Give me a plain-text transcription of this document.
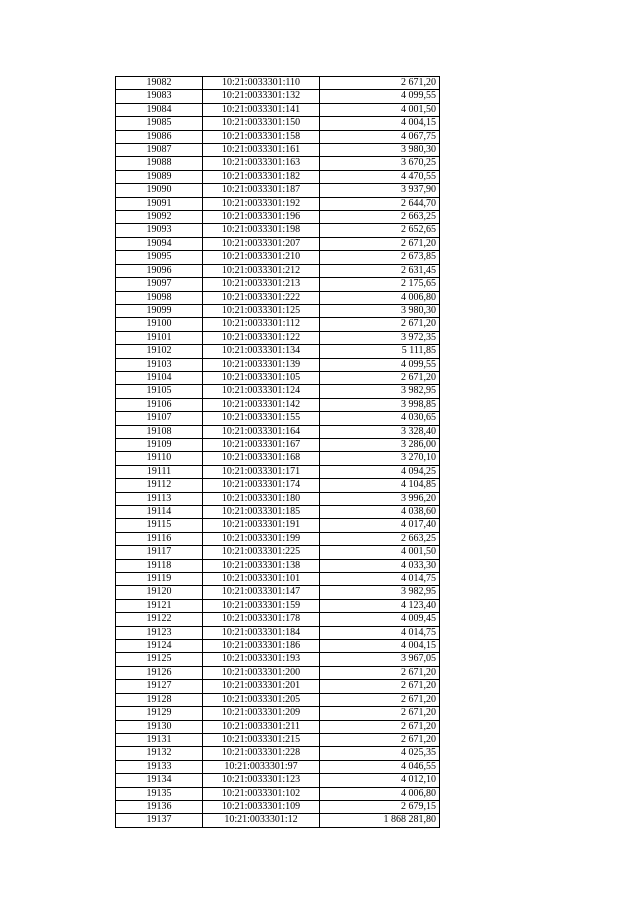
19082	10:21:0033301:110	2 671,20
19083	10:21:0033301:132	4 099,55
19084	10:21:0033301:141	4 001,50
19085	10:21:0033301:150	4 004,15
19086	10:21:0033301:158	4 067,75
19087	10:21:0033301:161	3 980,30
19088	10:21:0033301:163	3 670,25
19089	10:21:0033301:182	4 470,55
19090	10:21:0033301:187	3 937,90
19091	10:21:0033301:192	2 644,70
19092	10:21:0033301:196	2 663,25
19093	10:21:0033301:198	2 652,65
19094	10:21:0033301:207	2 671,20
19095	10:21:0033301:210	2 673,85
19096	10:21:0033301:212	2 631,45
19097	10:21:0033301:213	2 175,65
19098	10:21:0033301:222	4 006,80
19099	10:21:0033301:125	3 980,30
19100	10:21:0033301:112	2 671,20
19101	10:21:0033301:122	3 972,35
19102	10:21:0033301:134	5 111,85
19103	10:21:0033301:139	4 099,55
19104	10:21:0033301:105	2 671,20
19105	10:21:0033301:124	3 982,95
19106	10:21:0033301:142	3 998,85
19107	10:21:0033301:155	4 030,65
19108	10:21:0033301:164	3 328,40
19109	10:21:0033301:167	3 286,00
19110	10:21:0033301:168	3 270,10
19111	10:21:0033301:171	4 094,25
19112	10:21:0033301:174	4 104,85
19113	10:21:0033301:180	3 996,20
19114	10:21:0033301:185	4 038,60
19115	10:21:0033301:191	4 017,40
19116	10:21:0033301:199	2 663,25
19117	10:21:0033301:225	4 001,50
19118	10:21:0033301:138	4 033,30
19119	10:21:0033301:101	4 014,75
19120	10:21:0033301:147	3 982,95
19121	10:21:0033301:159	4 123,40
19122	10:21:0033301:178	4 009,45
19123	10:21:0033301:184	4 014,75
19124	10:21:0033301:186	4 004,15
19125	10:21:0033301:193	3 967,05
19126	10:21:0033301:200	2 671,20
19127	10:21:0033301:201	2 671,20
19128	10:21:0033301:205	2 671,20
19129	10:21:0033301:209	2 671,20
19130	10:21:0033301:211	2 671,20
19131	10:21:0033301:215	2 671,20
19132	10:21:0033301:228	4 025,35
19133	10:21:0033301:97	4 046,55
19134	10:21:0033301:123	4 012,10
19135	10:21:0033301:102	4 006,80
19136	10:21:0033301:109	2 679,15
19137	10:21:0033301:12	1 868 281,80
